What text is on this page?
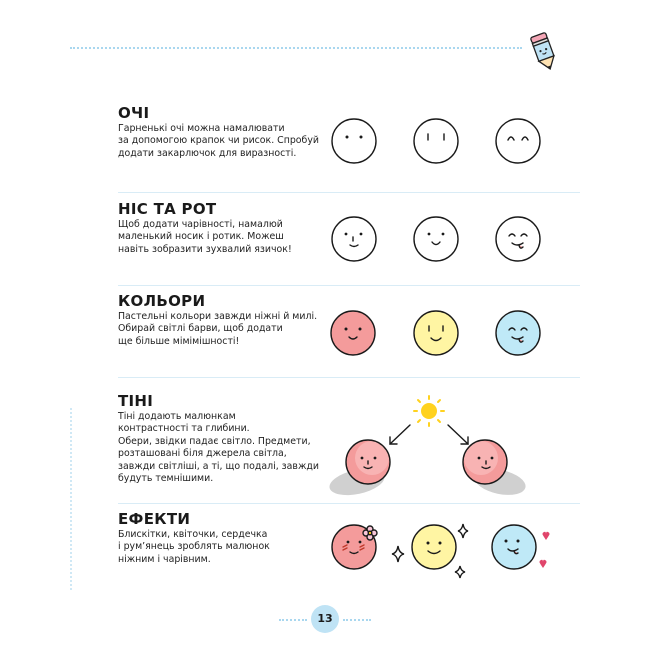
ОЧІ

Гарненькі очі можна намалювати
за допомогою крапок чи рисок. Спробуй
додати закарлючок для виразності.

НІС ТА РОТ

Щоб додати чарівності, намалюй
маленький носик і ротик. Можеш
навіть зобразити зухвалий язичок!

КОЛЬОРИ

Пастельні кольори завжди ніжні й милі.
Обирай світлі барви, щоб додати
ще більше мімімішності!

ТІНІ

Тіні додають малюнкам
контрастності та глибини.
Обери, звідки падає світло. Предмети,
розташовані біля джерела світла,
завжди світліші, а ті, що подалі, завжди
будуть темнішими.

ЕФЕКТИ

Блискітки, квіточки, сердечка
і рум’янець зроблять малюнок
ніжним і чарівним.

13
